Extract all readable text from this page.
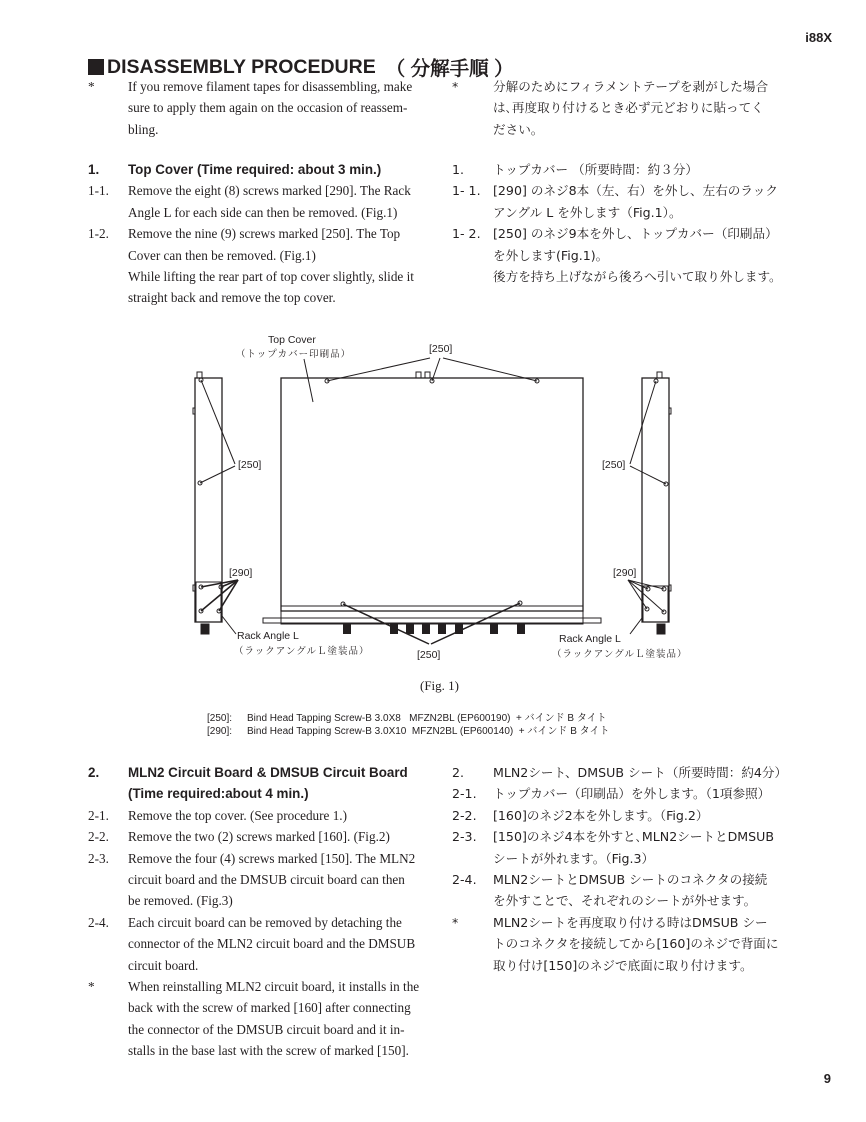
i88X
DISASSEMBLY PROCEDURE （ 分解手順 ）
*	If you remove filament tapes for disassembling, make
sure to apply them again on the occasion of reassem-
bling.
*	分解のためにフィラメントテープを剥がした場合
は､再度取り付けるとき必ず元どおりに貼ってく
ださい。
1. Top Cover (Time required: about 3 min.)
1-1. Remove the eight (8) screws marked [290]. The Rack
Angle L for each side can then be removed. (Fig.1)
1-2. Remove the nine (9) screws marked [250]. The Top
Cover can then be removed. (Fig.1)
While lifting the rear part of top cover slightly, slide it
straight back and remove the top cover.
1. トップカバー （所要時間：約３分）
1- 1. [290] のネジ8本（左、右）を外し、左右のラック
アングル L を外します（Fig.1）。
1- 2. [250] のネジ9本を外し、トップカバー（印刷品）
を外します(Fig.1)。
後方を持ち上げながら後ろへ引いて取り外します。
2. MLN2 Circuit Board & DMSUB Circuit Board
(Time required:about 4 min.)
2-1. Remove the top cover. (See procedure 1.)
2-2. Remove the two (2) screws marked [160]. (Fig.2)
2-3. Remove the four (4) screws marked [150]. The MLN2
circuit board and the DMSUB circuit board can then
be removed. (Fig.3)
2-4. Each circuit board can be removed by detaching the
connector of the MLN2 circuit board and the DMSUB
circuit board.
*	When reinstalling MLN2 circuit board, it installs in the
back with the screw of marked [160] after connecting
the connector of the DMSUB circuit board and it in-
stalls in the base last with the screw of marked [150].
2. MLN2シート、DMSUB シート（所要時間：約4分）
2-1. トップカバー（印刷品）を外します。（1項参照）
2-2. [160]のネジ2本を外します。（Fig.2）
2-3. [150]のネジ4本を外すと､MLN2シートとDMSUB
シートが外れます。（Fig.3）
2-4. MLN2シートとDMSUB シートのコネクタの接続
を外すことで、それぞれのシートが外せます。
*	MLN2シートを再度取り付ける時はDMSUB シー
トのコネクタを接続してから[160]のネジで背面に
取り付け[150]のネジで底面に取り付けます。
Top Cover
（トップカバー印刷品）	[250]
[250]	[250]
[290]	[290]
Rack Angle L
（ラックアングルＬ塗装品）
Rack Angle L
（ラックアングルＬ塗装品）
[250]
(Fig. 1)
[250]: Bind Head Tapping Screw-B 3.0X8   MFZN2BL (EP600190)  + バインド B タイト
[290]: Bind Head Tapping Screw-B 3.0X10  MFZN2BL (EP600140)  + バインド B タイト
9
